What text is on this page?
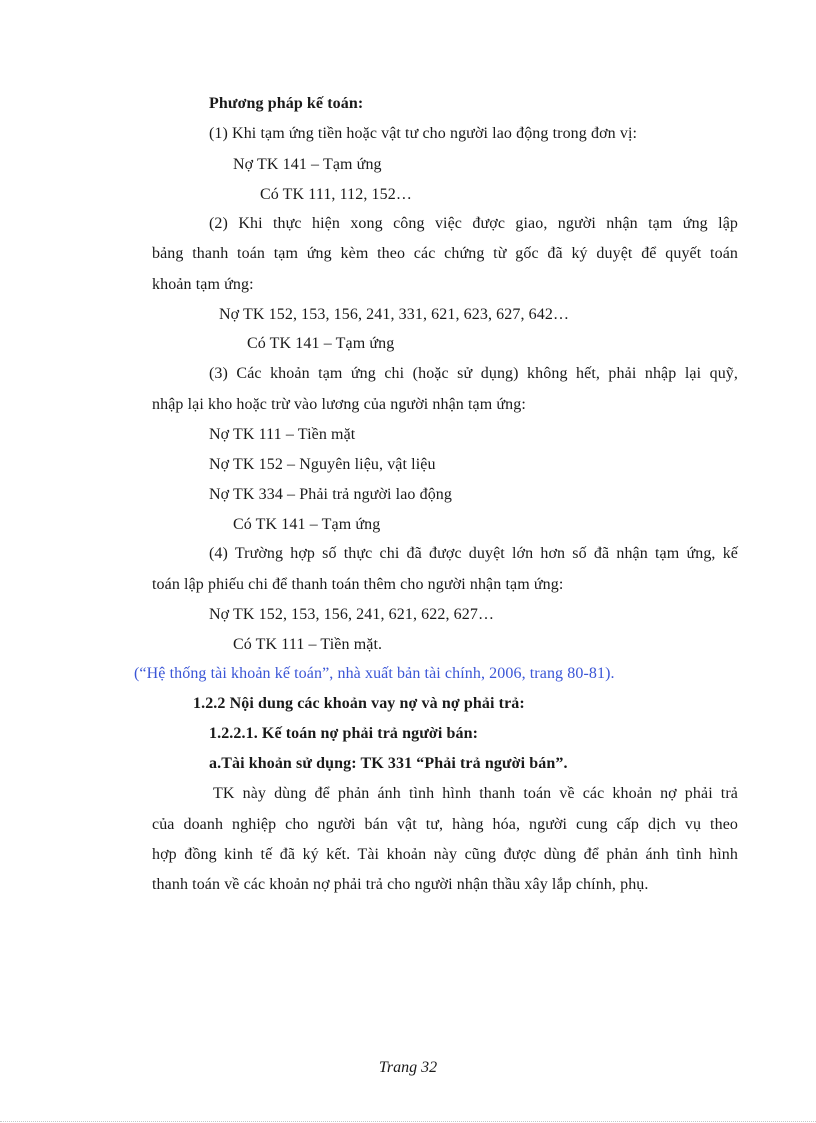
Phương pháp kế toán:
(1) Khi tạm ứng tiền hoặc vật tư cho người lao động trong đơn vị:
Nợ TK 141 – Tạm ứng
Có TK 111, 112, 152…
(2) Khi thực hiện xong công việc được giao, người nhận tạm ứng lập
bảng thanh toán tạm ứng kèm theo các chứng từ gốc đã ký duyệt để quyết toán
khoản tạm ứng:
Nợ TK 152, 153, 156, 241, 331, 621, 623, 627, 642…
Có TK 141 – Tạm ứng
(3) Các khoản tạm ứng chi (hoặc sử dụng) không hết, phải nhập lại quỹ,
nhập lại kho hoặc trừ vào lương của người nhận tạm ứng:
Nợ TK 111 – Tiền mặt
Nợ TK 152 – Nguyên liệu, vật liệu
Nợ TK 334 – Phải trả người lao động
Có TK 141 – Tạm ứng
(4) Trường hợp số thực chi đã được duyệt lớn hơn số đã nhận tạm ứng, kế
toán lập phiếu chi để thanh toán thêm cho người nhận tạm ứng:
Nợ TK 152, 153, 156, 241, 621, 622, 627…
Có TK 111 – Tiền mặt.
(“Hệ thống tài khoản kế toán”, nhà xuất bản tài chính, 2006, trang 80-81).
1.2.2 Nội dung các khoản vay nợ và nợ phải trả:
1.2.2.1. Kế toán nợ phải trả người bán:
a.Tài khoản sử dụng: TK 331 “Phải trả người bán”.
TK này dùng để phản ánh tình hình thanh toán về các khoản nợ phải trả
của doanh nghiệp cho người bán vật tư, hàng hóa, người cung cấp dịch vụ theo
hợp đồng kinh tế đã ký kết. Tài khoản này cũng được dùng để phản ánh tình hình
thanh toán về các khoản nợ phải trả cho người nhận thầu xây lắp chính, phụ.
Trang 32
